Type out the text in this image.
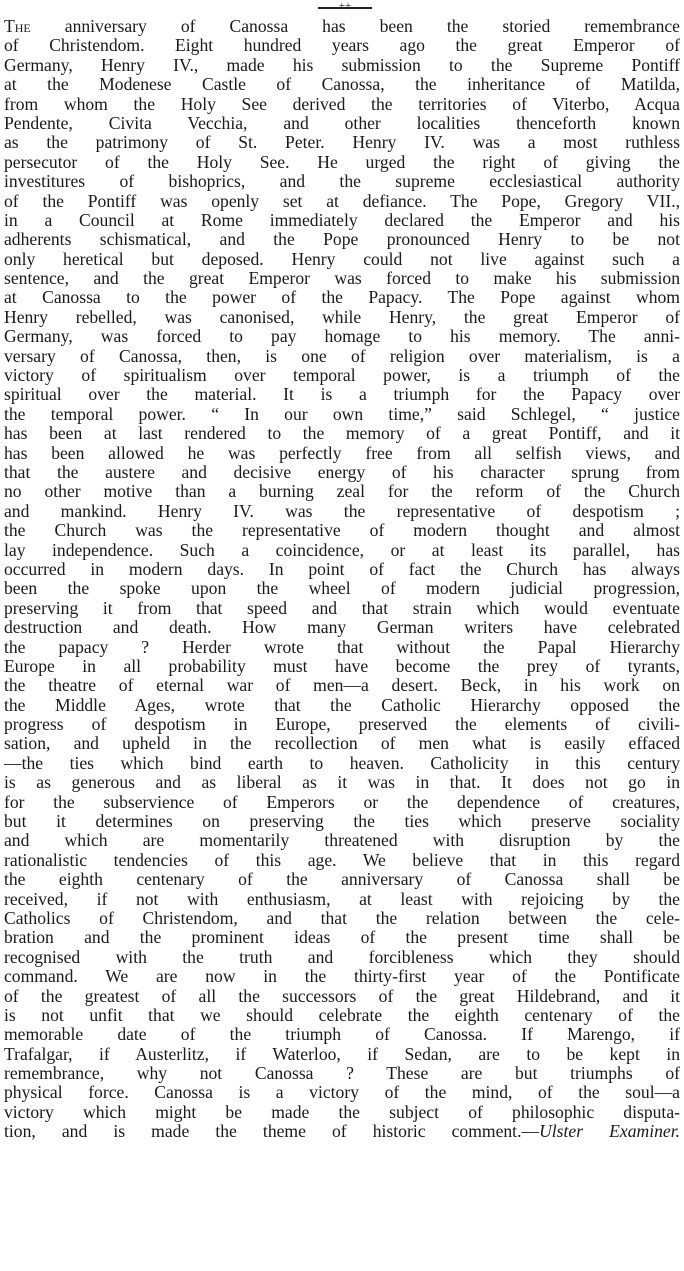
++
The anniversary of Canossa has been the storied remembrance
of Christendom. Eight hundred years ago the great Emperor of
Germany, Henry IV., made his submission to the Supreme Pontiff
at the Modenese Castle of Canossa, the inheritance of Matilda,
from whom the Holy See derived the territories of Viterbo, Acqua
Pendente, Civita Vecchia, and other localities thenceforth known
as the patrimony of St. Peter. Henry IV. was a most ruthless
persecutor of the Holy See. He urged the right of giving the
investitures of bishoprics, and the supreme ecclesiastical authority
of the Pontiff was openly set at defiance. The Pope, Gregory VII.,
in a Council at Rome immediately declared the Emperor and his
adherents schismatical, and the Pope pronounced Henry to be not
only heretical but deposed. Henry could not live against such a
sentence, and the great Emperor was forced to make his submission
at Canossa to the power of the Papacy. The Pope against whom
Henry rebelled, was canonised, while Henry, the great Emperor of
Germany, was forced to pay homage to his memory. The anni-
versary of Canossa, then, is one of religion over materialism, is a
victory of spiritualism over temporal power, is a triumph of the
spiritual over the material. It is a triumph for the Papacy over
the temporal power. “ In our own time,” said Schlegel, “ justice
has been at last rendered to the memory of a great Pontiff, and it
has been allowed he was perfectly free from all selfish views, and
that the austere and decisive energy of his character sprung from
no other motive than a burning zeal for the reform of the Church
and mankind. Henry IV. was the representative of despotism ;
the Church was the representative of modern thought and almost
lay independence. Such a coincidence, or at least its parallel, has
occurred in modern days. In point of fact the Church has always
been the spoke upon the wheel of modern judicial progression,
preserving it from that speed and that strain which would eventuate
destruction and death. How many German writers have celebrated
the papacy ? Herder wrote that without the Papal Hierarchy
Europe in all probability must have become the prey of tyrants,
the theatre of eternal war of men—a desert. Beck, in his work on
the Middle Ages, wrote that the Catholic Hierarchy opposed the
progress of despotism in Europe, preserved the elements of civili-
sation, and upheld in the recollection of men what is easily effaced
—the ties which bind earth to heaven. Catholicity in this century
is as generous and as liberal as it was in that. It does not go in
for the subservience of Emperors or the dependence of creatures,
but it determines on preserving the ties which preserve sociality
and which are momentarily threatened with disruption by the
rationalistic tendencies of this age. We believe that in this regard
the eighth centenary of the anniversary of Canossa shall be
received, if not with enthusiasm, at least with rejoicing by the
Catholics of Christendom, and that the relation between the cele-
bration and the prominent ideas of the present time shall be
recognised with the truth and forcibleness which they should
command. We are now in the thirty-first year of the Pontificate
of the greatest of all the successors of the great Hildebrand, and it
is not unfit that we should celebrate the eighth centenary of the
memorable date of the triumph of Canossa. If Marengo, if
Trafalgar, if Austerlitz, if Waterloo, if Sedan, are to be kept in
remembrance, why not Canossa ? These are but triumphs of
physical force. Canossa is a victory of the mind, of the soul—a
victory which might be made the subject of philosophic disputa-
tion, and is made the theme of historic comment.—Ulster Examiner.
